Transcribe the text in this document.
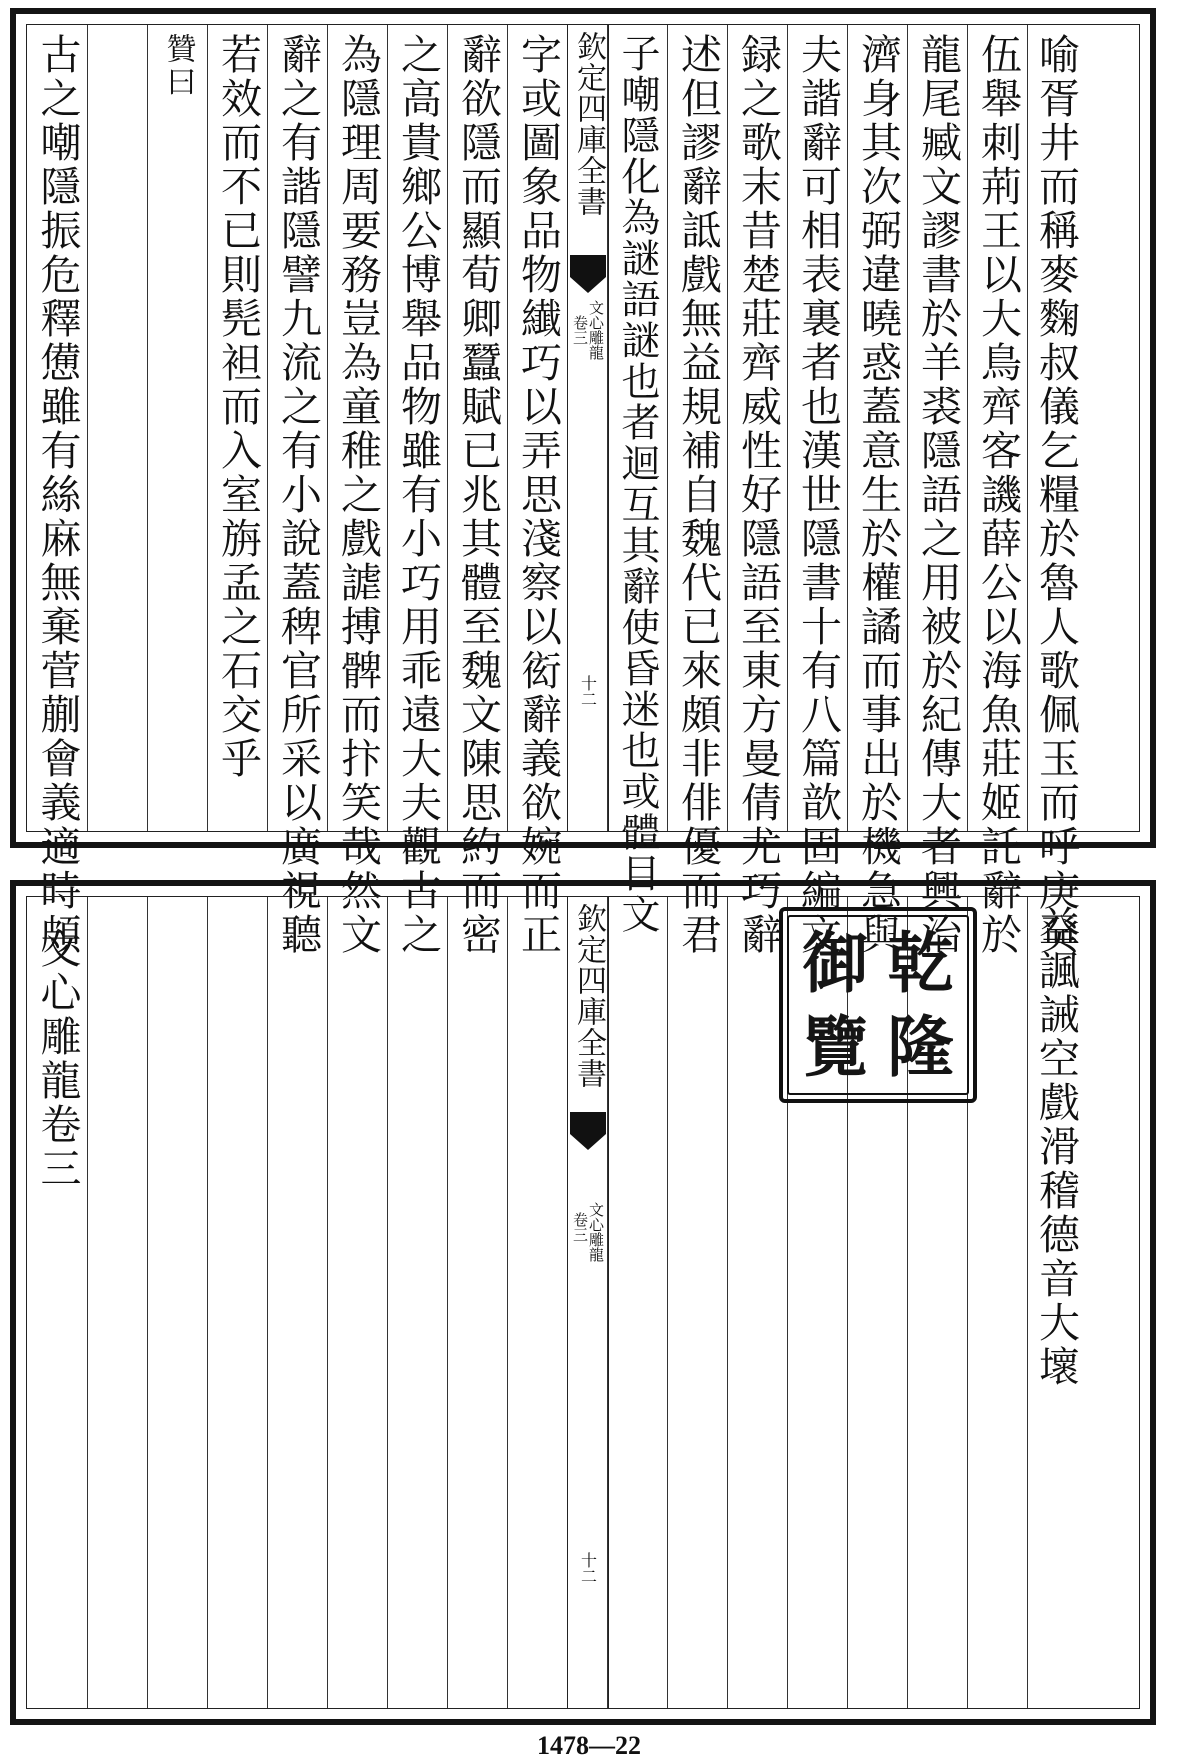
喻胥井而稱麥麴叔儀乞糧於魯人歌佩玉而呼庚癸
伍舉刺荊王以大鳥齊客譏薛公以海魚莊姬託辭於
龍尾臧文謬書於羊裘隱語之用被於紀傳大者興治
濟身其次弼違曉惑蓋意生於權譎而事出於機急與
夫諧辭可相表裏者也漢世隱書十有八篇歆固編文
録之歌末昔楚莊齊威性好隱語至東方曼倩尤巧辭
述但謬辭詆戲無益規補自魏代已來頗非俳優而君
子嘲隱化為謎語謎也者迴互其辭使昏迷也或體目文
欽定四庫全書
文心雕龍
卷三
十二
字或圖象品物纎巧以弄思淺察以衒辭義欲婉而正
辭欲隱而顯荀卿蠶賦已兆其體至魏文陳思約而密
之高貴鄉公博舉品物雖有小巧用乖遠大夫觀古之
為隱理周要務豈為童稚之戲謔搏髀而抃笑哉然文
辭之有諧隱譬九流之有小說蓋稗官所采以廣視聽
若效而不已則髡袒而入室旃孟之石交乎
贊曰
古之嘲隱振危釋憊雖有絲麻無棄菅蒯會義適時頗
益諷誡空戲滑稽德音大壞
乾
隆
御
覽
欽定四庫全書
文心雕龍
卷三
十二
文心雕龍卷三
1478—22
